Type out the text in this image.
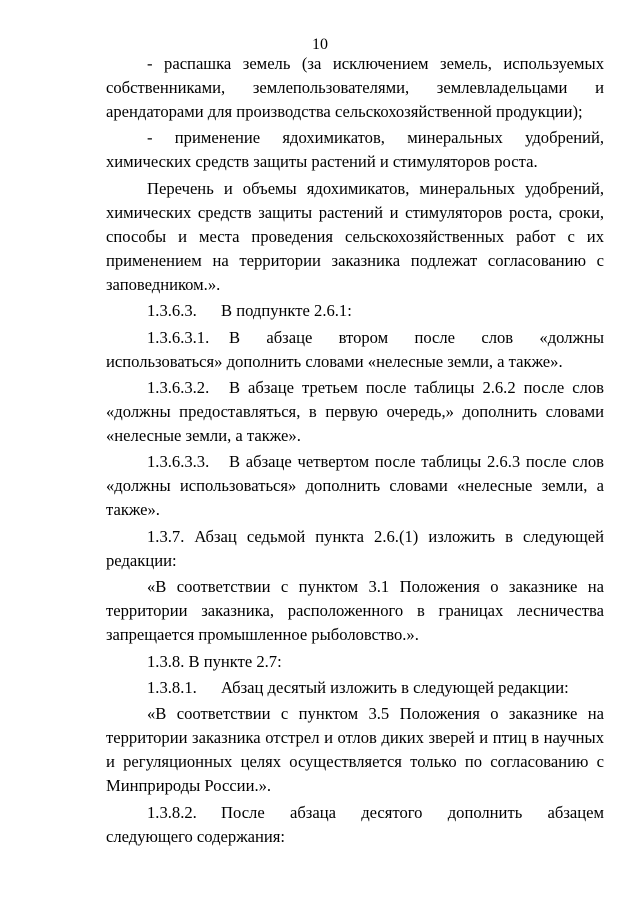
10

- распашка земель (за исключением земель, используемых собственниками, землепользователями, землевладельцами и арендаторами для производства сельскохозяйственной продукции);

- применение ядохимикатов, минеральных удобрений, химических средств защиты растений и стимуляторов роста.

Перечень и объемы ядохимикатов, минеральных удобрений, химических средств защиты растений и стимуляторов роста, сроки, способы и места проведения сельскохозяйственных работ с их применением на территории заказника подлежат согласованию с заповедником.».

1.3.6.3. В подпункте 2.6.1:

1.3.6.3.1. В абзаце втором после слов «должны использоваться» дополнить словами «нелесные земли, а также».

1.3.6.3.2. В абзаце третьем после таблицы 2.6.2 после слов «должны предоставляться, в первую очередь,» дополнить словами «нелесные земли, а также».

1.3.6.3.3. В абзаце четвертом после таблицы 2.6.3 после слов «должны использоваться» дополнить словами «нелесные земли, а также».

1.3.7. Абзац седьмой пункта 2.6.(1) изложить в следующей редакции:

«В соответствии с пунктом 3.1 Положения о заказнике на территории заказника, расположенного в границах лесничества запрещается промышленное рыболовство.».

1.3.8. В пункте 2.7:

1.3.8.1. Абзац десятый изложить в следующей редакции:

«В соответствии с пунктом 3.5 Положения о заказнике на территории заказника отстрел и отлов диких зверей и птиц в научных и регуляционных целях осуществляется только по согласованию с Минприроды России.».

1.3.8.2. После абзаца десятого дополнить абзацем следующего содержания:
